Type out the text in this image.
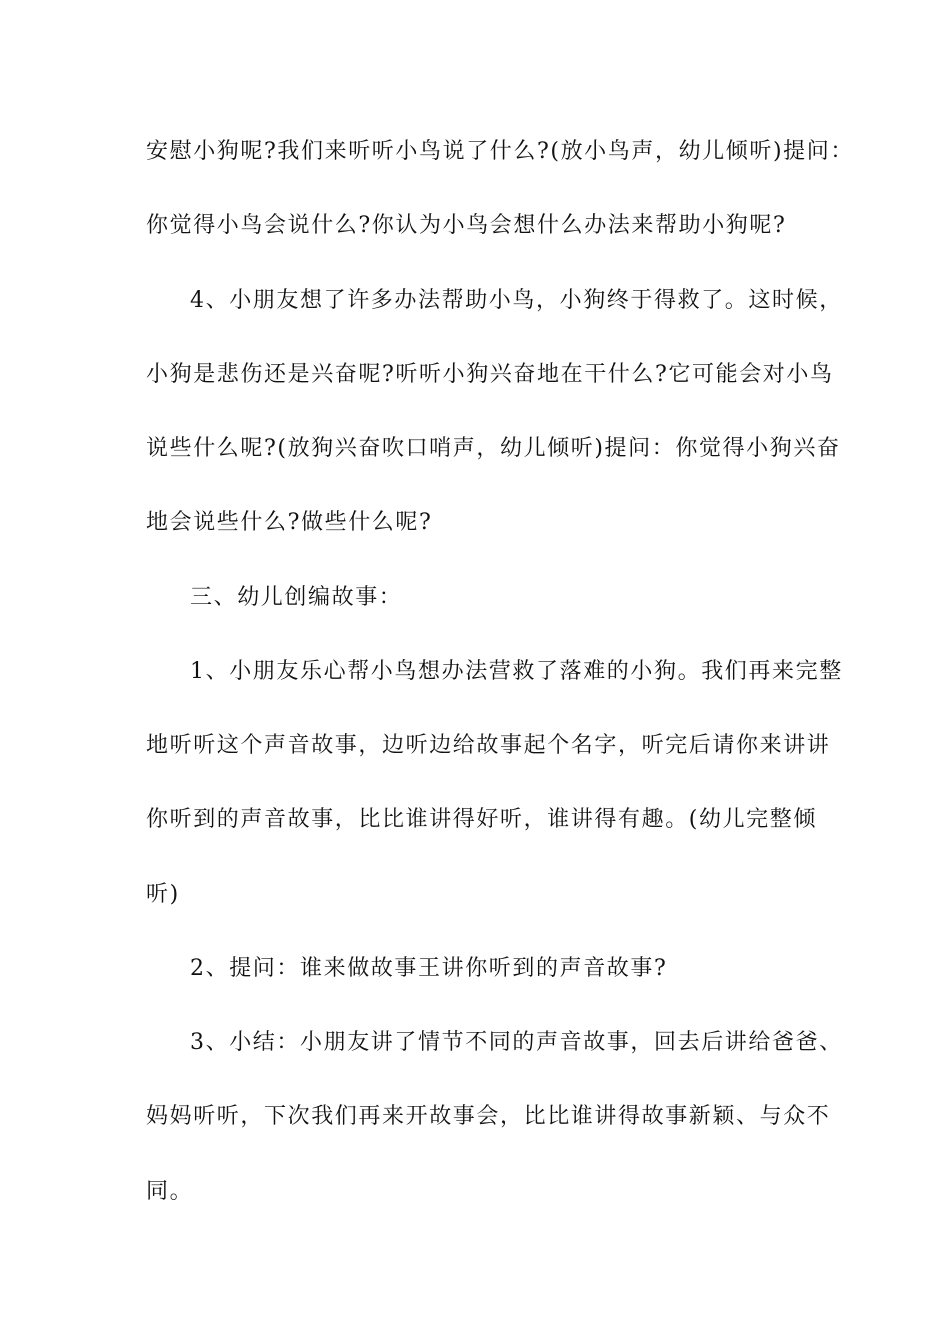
安慰小狗呢?我们来听听小鸟说了什么?(放小鸟声，幼儿倾听)提问：
你觉得小鸟会说什么?你认为小鸟会想什么办法来帮助小狗呢?
4、小朋友想了许多办法帮助小鸟，小狗终于得救了。这时候，
小狗是悲伤还是兴奋呢?听听小狗兴奋地在干什么?它可能会对小鸟
说些什么呢?(放狗兴奋吹口哨声，幼儿倾听)提问：你觉得小狗兴奋
地会说些什么?做些什么呢?
三、幼儿创编故事：
1、小朋友乐心帮小鸟想办法营救了落难的小狗。我们再来完整
地听听这个声音故事，边听边给故事起个名字，听完后请你来讲讲
你听到的声音故事，比比谁讲得好听，谁讲得有趣。(幼儿完整倾
听)
2、提问：谁来做故事王讲你听到的声音故事?
3、小结：小朋友讲了情节不同的声音故事，回去后讲给爸爸、
妈妈听听，下次我们再来开故事会，比比谁讲得故事新颖、与众不
同。
